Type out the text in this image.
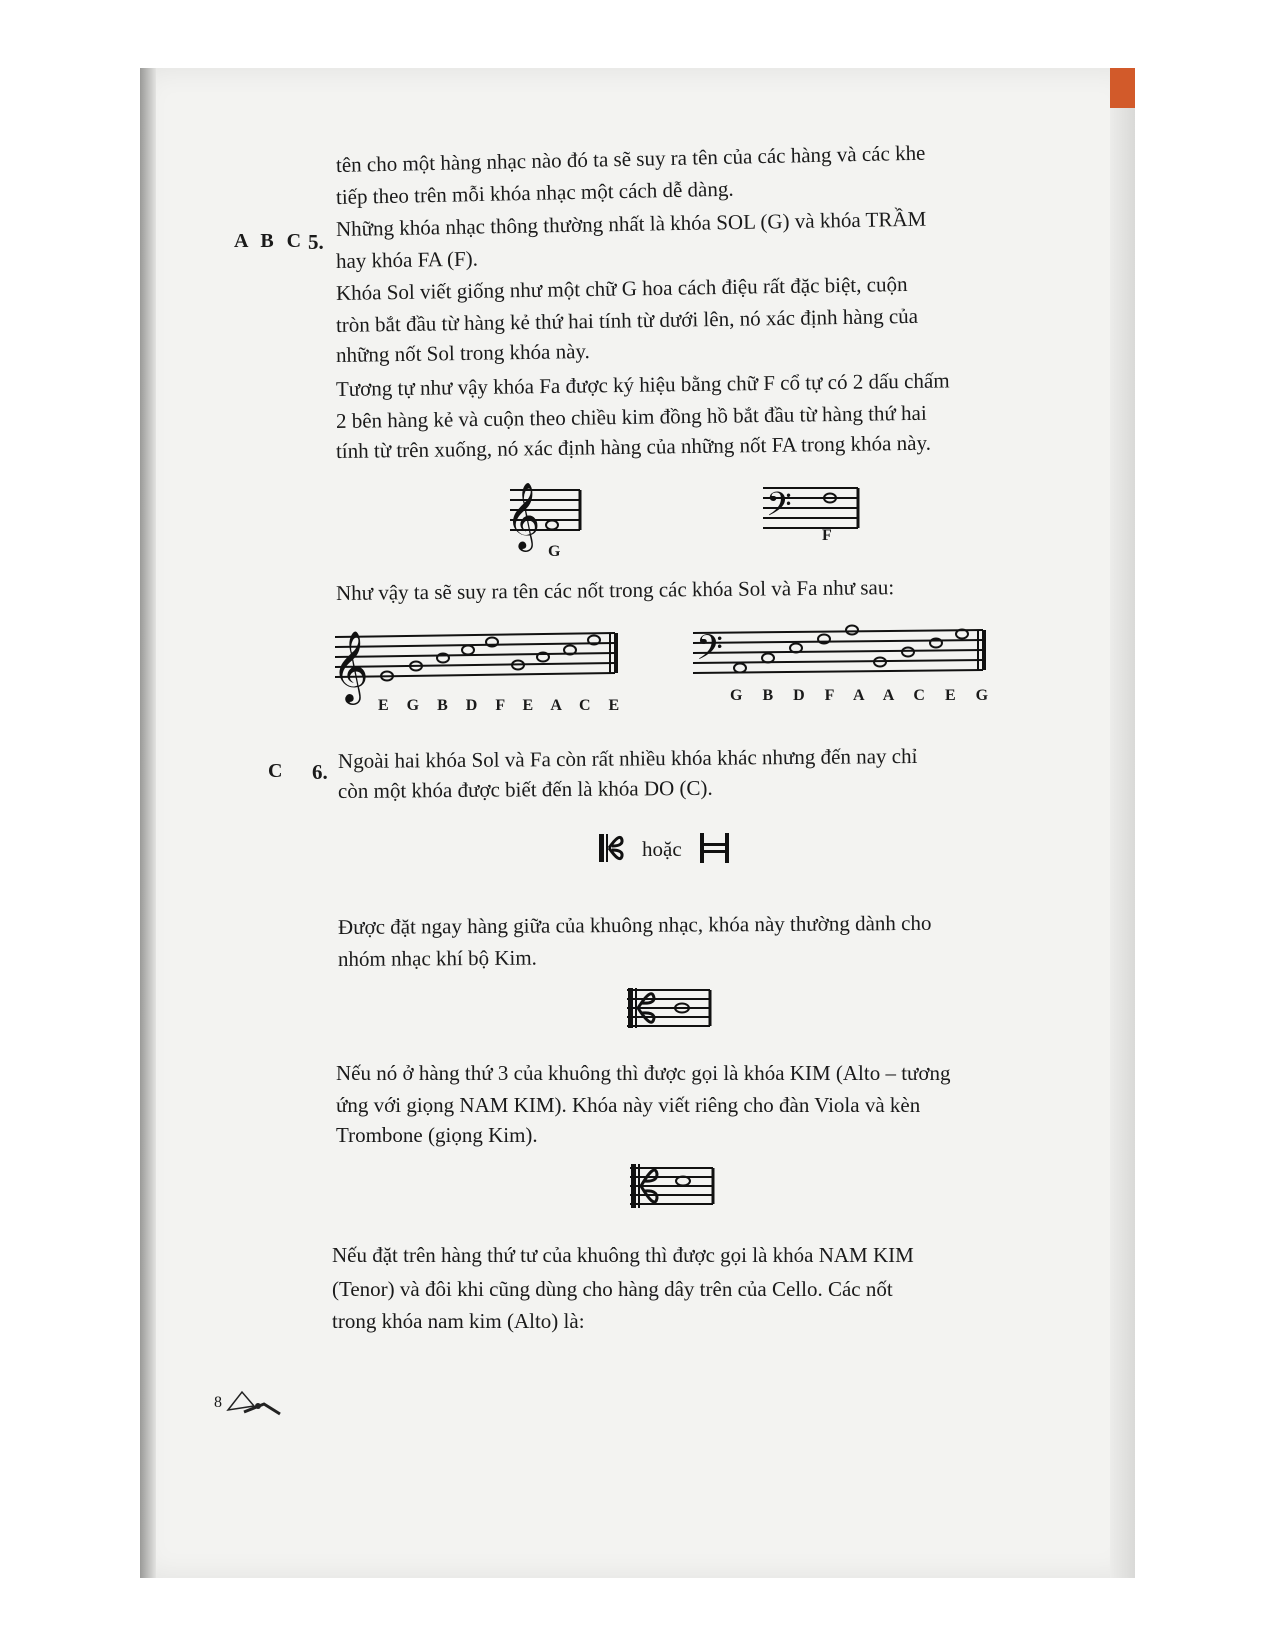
tên cho một hàng nhạc nào đó ta sẽ suy ra tên của các hàng và các khe

tiếp theo trên mỗi khóa nhạc một cách dễ dàng.

A B C 5.

Những khóa nhạc thông thường nhất là khóa SOL (G) và khóa TRẦM

hay khóa FA (F).

Khóa Sol viết giống như một chữ G hoa cách điệu rất đặc biệt, cuộn

tròn bắt đầu từ hàng kẻ thứ hai tính từ dưới lên, nó xác định hàng của

những nốt Sol trong khóa này.

Tương tự như vậy khóa Fa được ký hiệu bằng chữ F cổ tự có 2 dấu chấm

2 bên hàng kẻ và cuộn theo chiều kim đồng hồ bắt đầu từ hàng thứ hai

tính từ trên xuống, nó xác định hàng của những nốt FA trong khóa này.

𝄞
G
𝄢
F

Như vậy ta sẽ suy ra tên các nốt trong các khóa Sol và Fa như sau:

𝄞
E G B D F E A C E
𝄢
G B D F A A C E G
C 6. Ngoài hai khóa Sol và Fa còn rất nhiều khóa khác nhưng đến nay chỉ

còn một khóa được biết đến là khóa DO (C).

hoặc

Được đặt ngay hàng giữa của khuông nhạc, khóa này thường dành cho

nhóm nhạc khí bộ Kim.

Nếu nó ở hàng thứ 3 của khuông thì được gọi là khóa KIM (Alto – tương

ứng với giọng NAM KIM). Khóa này viết riêng cho đàn Viola và kèn

Trombone (giọng Kim).

Nếu đặt trên hàng thứ tư của khuông thì được gọi là khóa NAM KIM

(Tenor) và đôi khi cũng dùng cho hàng dây trên của Cello. Các nốt

trong khóa nam kim (Alto) là:

8
